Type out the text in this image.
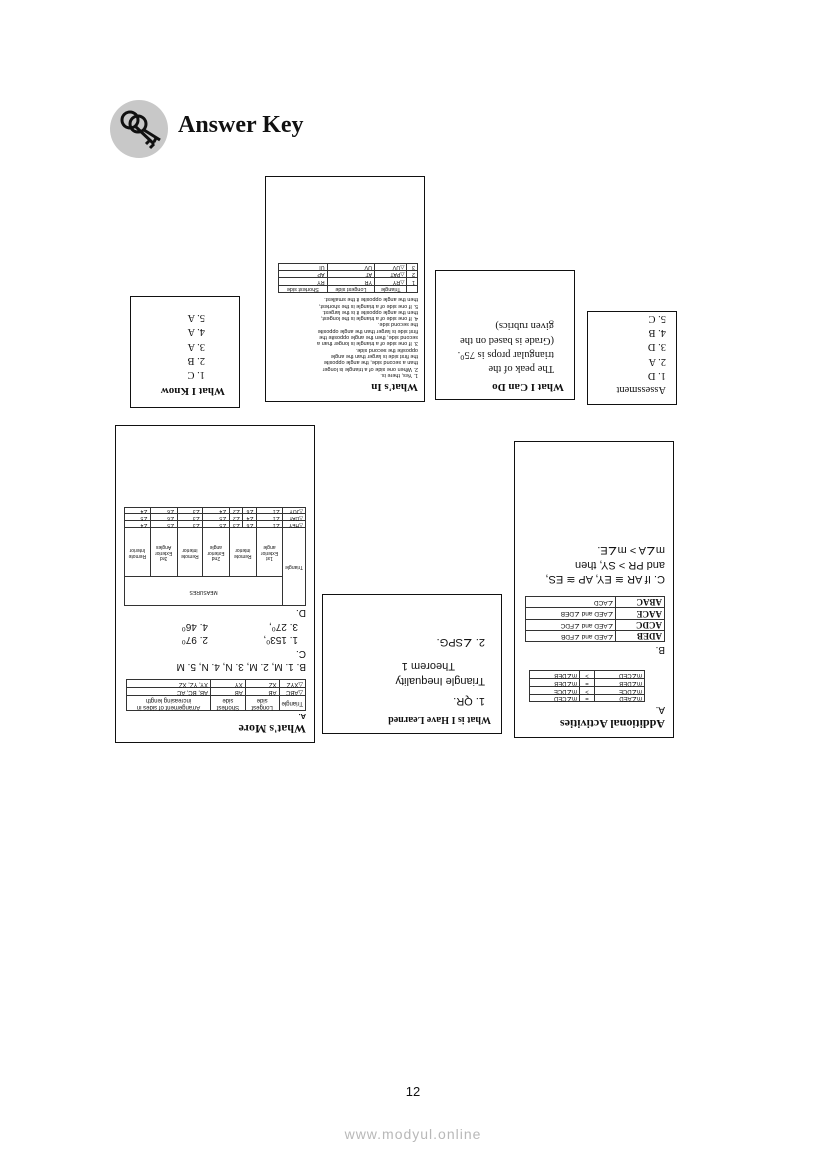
Answer Key
What I Know
1. C
2. B
3. A
4. A
5. A
What's In
1. Yes, there is.
2. When one side of a triangle is longer
than a second side, the angle opposite
the first side is larger than the angle
opposite the second side.
3. If one side of a triangle is longer than a
second side, then the angle opposite the
first side is larger than the angle opposite
the second side.
4. If one side of a triangle is the longest,
then the angle opposite it is the largest.
5. If one side of a triangle is the shortest,
then the angle opposite it the smallest.
	Triangle	Longest side	Shortest side
1	△RY	YR	RY
2	△PAT	AT	AP
3	△UV	UV	UI
What I Can Do
The peak of the
triangular props is 75⁰.
(Grade is based on the
given rubrics)
Assessment
1. D
2. A
3. D
4. B
5. C
What's More
A.
Triangle	Longest side	Shortest side	Arrangement of sides in increasing length
△ABC	AB	AB	AB, BC, AC
△XYZ	XZ	XY	XY, YZ, XZ
B. 1. M, 2. M, 3. N, 4. N, 5. M
C.
1. 153⁰,
2. 97⁰
3. 27⁰,
4. 46⁰
D.
Triangle	MEASURES						
	1st Exterior angle	Remote interior		2nd Exterior angle	Remote interior	3rd Exterior Angles	Remote Interior
△HEY	∠1	∠6	∠3	∠5	∠3	∠5	∠4
△DAY	∠1	∠4	∠2	∠5	∠3	∠6	∠5
△JOY	∠1	∠6	∠2	∠4	∠3	∠6	∠4
What is I Have Learned
1. QR.
Triangle Inequality
Theorem 1
2. ∠SPG.
Additional Activities
A.
m∠AED	=	m∠CED
m∠DCE	>	m∠DCE
m∠DEB	=	m∠DEB
m∠CED	>	m∠DEB
B.
ADEB	∠AED and ∠FDB
ACDC	∠AED and ∠FDC
AACE	∠AED and ∠DEB
ABAC	∠ACD
C. If AR ≅ EY, AP ≅ ES,
and PR > SY, then
m∠A > m∠E.
12
www.modyul.online
